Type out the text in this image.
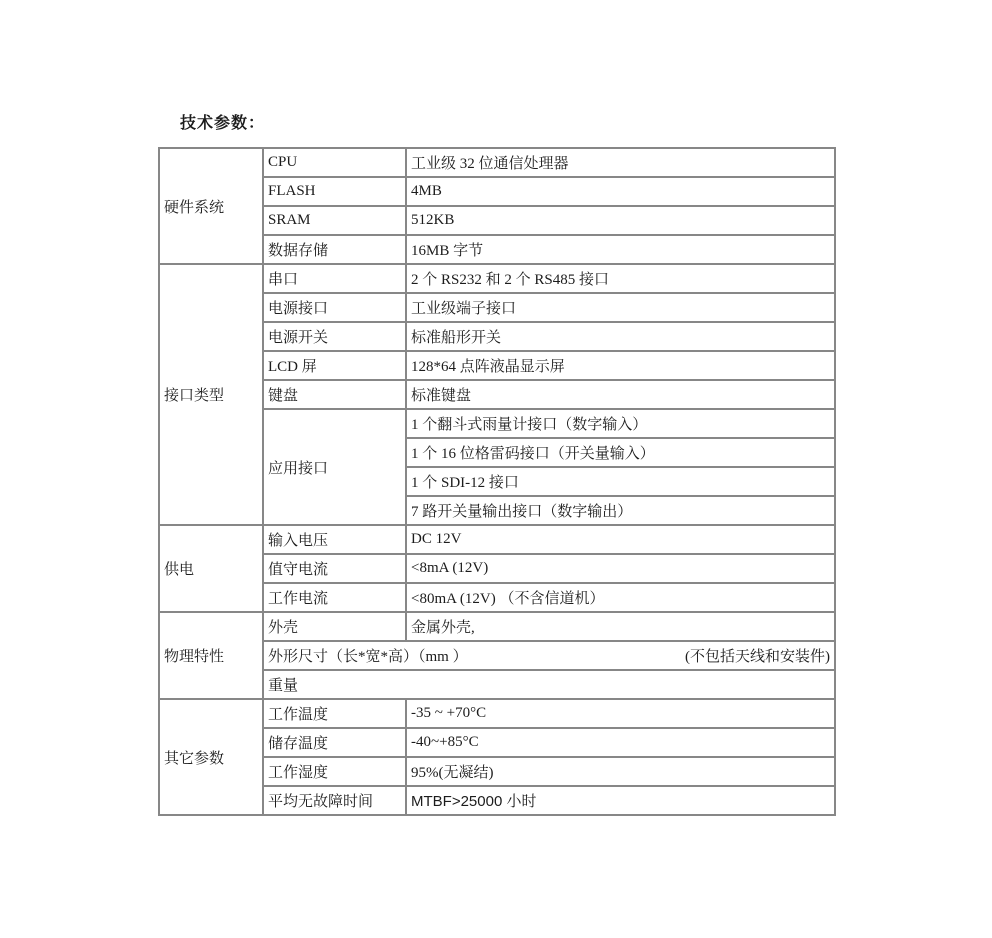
技术参数：
硬件系统	CPU	工业级 32 位通信处理器
	FLASH	4MB
	SRAM	512KB
	数据存储	16MB 字节
接口类型	串口	2 个 RS232 和 2 个 RS485 接口
	电源接口	工业级端子接口
	电源开关	标准船形开关
	LCD 屏	128*64 点阵液晶显示屏
	键盘	标准键盘
	应用接口	1 个翻斗式雨量计接口（数字输入）
		1 个 16 位格雷码接口（开关量输入）
		1 个 SDI-12 接口
		7 路开关量输出接口（数字输出）
供电	输入电压	DC 12V
	值守电流	<8mA (12V)
	工作电流	<80mA (12V) （不含信道机）
物理特性	外壳	金属外壳,

	外形尺寸（长*宽*高）（mm ） (不包括天线和安装件)	

	重量	

其它参数	工作温度	-35 ~ +70°C
	储存温度	-40~+85°C
	工作湿度	95%(无凝结)
	平均无故障时间	MTBF>25000 小时
